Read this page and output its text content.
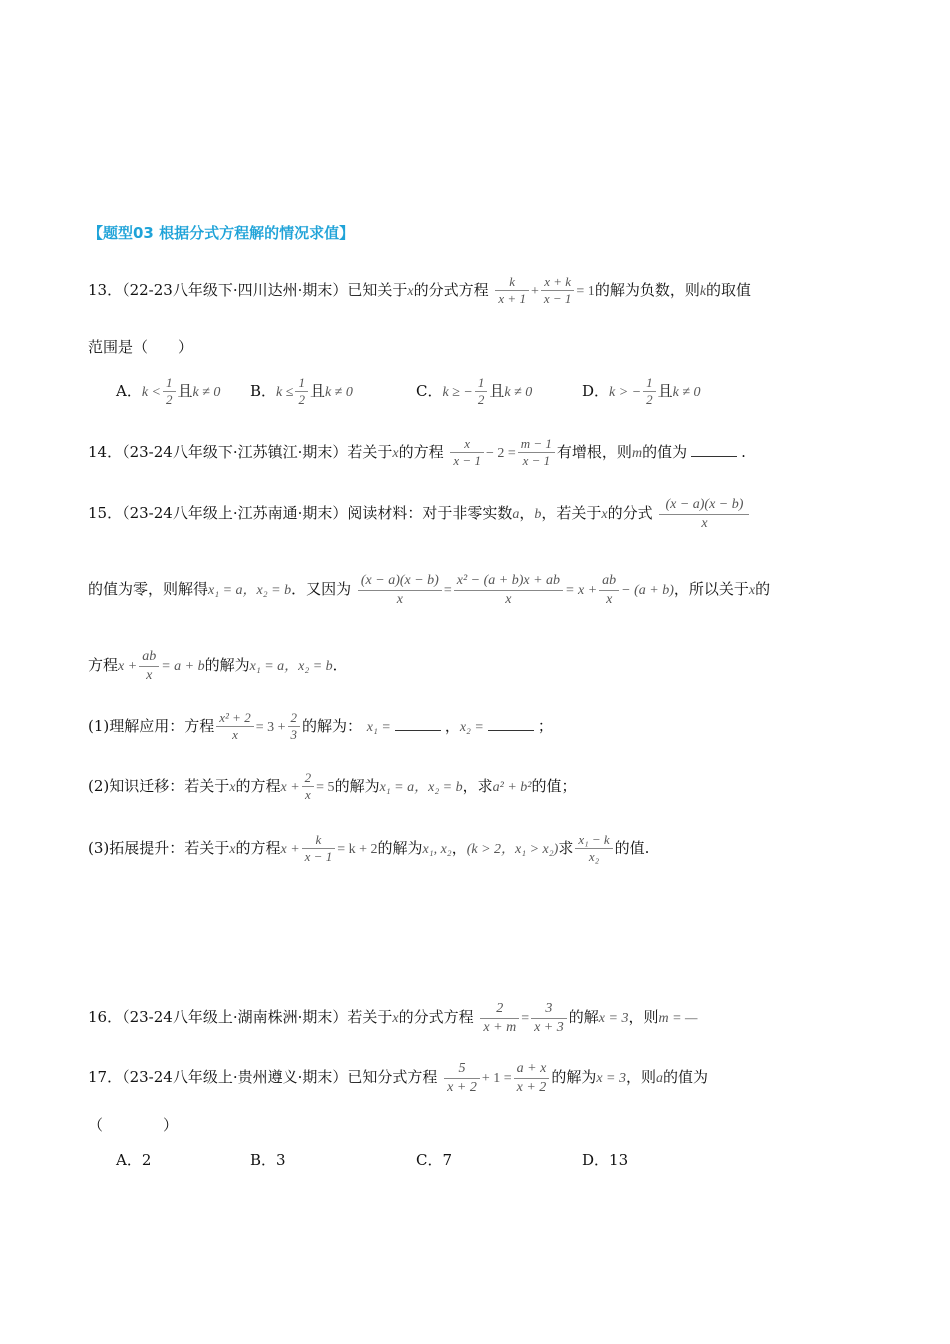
【题型03 根据分式方程解的情况求值】
13．（22-23八年级下·四川达州·期末）已知关于x的分式方程 $\frac{k}{x + 1} + \frac{x + k}{x - 1} = 1$的解为负数，则k的取值
范围是（　　）
A．$k < \frac{1}{2}$ 且k ≠ 0 B．$k \le \frac{1}{2}$ 且k ≠ 0	C．k ≥ − $\frac{1}{2}$ 且k ≠ 0	D．k > − $\frac{1}{2}$ 且k ≠ 0
14．（23-24八年级下·江苏镇江·期末）若关于x的方程 $\frac{x}{x - 1} - 2 = \frac{m - 1}{x - 1}$ 有增根，则m的值为	.
15．（23-24八年级上·江苏南通·期末）阅读材料：对于非零实数a，b，若关于x的分式 $\frac{(x - a)(x - b)}{x}$
的值为零，则解得x₁ = a，x₂ = b．又因为 $\frac{(x - a)(x - b)}{x} = \frac{\text{x² − (a + b)x + ab}}{x} = x + \frac{ab}{x} - (a + b)$，所以关于x的
方程$x + \frac{ab}{x} = a + b$的解为x₁ = a，x₂ = b．
(1)理解应用：方程 $\frac{\text{x² + 2}}{x} = 3 + \frac{2}{3}$ 的解为： x₁ =	，x₂ =	；
(2)知识迁移：若关于x的方程$x + \frac{2}{x} = 5$的解为x₁ = a，x₂ = b，求a² + b²的值；
(3)拓展提升：若关于x的方程$x + \frac{k}{x - 1} = k + 2$的解为x₁, x₂，(k > 2，x₁ > x₂)求 $\frac{\text{x₁ − k}}{\text{x₂}}$ 的值.
16．（23-24八年级上·湖南株洲·期末）若关于x的分式方程 $\frac{2}{x + m} = \frac{3}{x + 3}$ 的解x = 3，则m = —
17．（23-24八年级上·贵州遵义·期末）已知分式方程 $\frac{5}{x + 2} + 1 = \frac{a + x}{x + 2}$ 的解为x = 3，则a的值为
（　　　　）
A．2	B．3	C．7	D．13
